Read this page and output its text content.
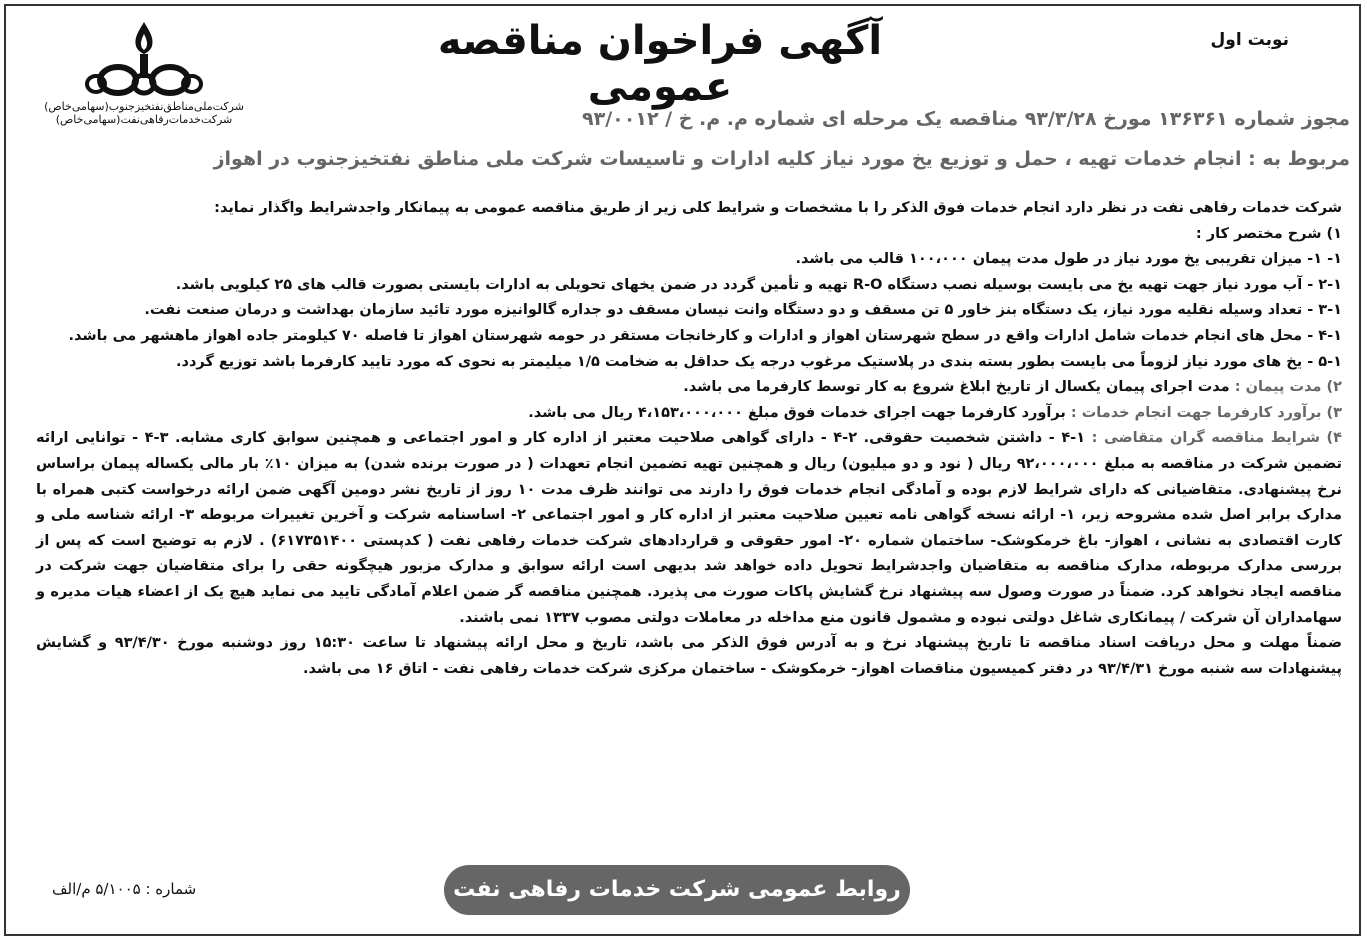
نوبت اول
آگهی فراخوان مناقصه عمومی
شرکت‌ملی‌مناطق‌نفتخیزجنوب(سهامی‌خاص)
شرکت‌خدمات‌رفاهی‌نفت(سهامی‌خاص)	مجوز شماره ۱۳۶۳۶۱ مورخ ۹۳/۳/۲۸ مناقصه یک مرحله ای شماره م. م. خ / ۹۳/۰۰۱۲
مربوط به : انجام خدمات تهیه ، حمل و توزیع یخ مورد نیاز کلیه ادارات و تاسیسات شرکت ملی مناطق نفتخیزجنوب در اهواز

شرکت خدمات رفاهی نفت در نظر دارد انجام خدمات فوق الذکر را با مشخصات و شرایط کلی زیر از طریق مناقصه عمومی به پیمانکار واجدشرایط واگذار نماید:

۱) شرح مختصر کار :

۱- ۱- میزان تقریبی یخ مورد نیاز در طول مدت پیمان ۱۰۰،۰۰۰ قالب می باشد.

۲-۱ - آب مورد نیاز جهت تهیه یخ می بایست بوسیله نصب دستگاه R-O تهیه و تأمین گردد در ضمن یخهای تحویلی به ادارات بایستی بصورت قالب های ۲۵ کیلویی باشد.

۳-۱ - تعداد وسیله نقلیه مورد نیاز، یک دستگاه بنز خاور ۵ تن مسقف و دو دستگاه وانت نیسان مسقف دو جداره گالوانیزه مورد تائید سازمان بهداشت و درمان صنعت نفت.

۴-۱ - محل های انجام خدمات شامل ادارات واقع در سطح شهرستان اهواز و ادارات و کارخانجات مستقر در حومه شهرستان اهواز تا فاصله ۷۰ کیلومتر جاده اهواز ماهشهر می باشد.

۵-۱ - یخ های مورد نیاز لزوماً می بایست بطور بسته بندی در پلاستیک مرغوب درجه یک حداقل به ضخامت ۱/۵ میلیمتر به نحوی که مورد تایید کارفرما باشد توزیع گردد.

۲) مدت پیمان : مدت اجرای پیمان یکسال از تاریخ ابلاغ شروع به کار توسط کارفرما می باشد.

۳) برآورد کارفرما جهت انجام خدمات : برآورد کارفرما جهت اجرای خدمات فوق مبلغ ۴،۱۵۳،۰۰۰،۰۰۰ ریال می باشد.

۴) شرایط مناقصه گران متقاضی : ۱-۴ - داشتن شخصیت حقوقی. ۲-۴ - دارای گواهی صلاحیت معتبر از اداره کار و امور اجتماعی و همچنین سوابق کاری مشابه. ۳-۴ - توانایی ارائه تضمین شرکت در مناقصه به مبلغ ۹۲،۰۰۰،۰۰۰ ریال ( نود و دو میلیون) ریال و همچنین تهیه تضمین انجام تعهدات ( در صورت برنده شدن) به میزان ۱۰٪ بار مالی یکساله پیمان براساس نرخ پیشنهادی. متقاضیانی که دارای شرایط لازم بوده و آمادگی انجام خدمات فوق را دارند می توانند ظرف مدت ۱۰ روز از تاریخ نشر دومین آگهی ضمن ارائه درخواست کتبی همراه با مدارک برابر اصل شده مشروحه زیر، ۱- ارائه نسخه گواهی نامه تعیین صلاحیت معتبر از اداره کار و امور اجتماعی ۲- اساسنامه شرکت و آخرین تغییرات مربوطه ۳- ارائه شناسه ملی و کارت اقتصادی به نشانی ، اهواز- باغ خرمکوشک- ساختمان شماره ۲۰- امور حقوقی و قراردادهای شرکت خدمات رفاهی نفت ( کدپستی ۶۱۷۳۵۱۴۰۰) . لازم به توضیح است که پس از بررسی مدارک مربوطه، مدارک مناقصه به متقاضیان واجدشرایط تحویل داده خواهد شد بدیهی است ارائه سوابق و مدارک مزبور هیچگونه حقی را برای متقاضیان جهت شرکت در مناقصه ایجاد نخواهد کرد. ضمناً در صورت وصول سه پیشنهاد نرخ گشایش پاکات صورت می پذیرد. همچنین مناقصه گر ضمن اعلام آمادگی تایید می نماید هیچ یک از اعضاء هیات مدیره و سهامداران آن شرکت / پیمانکاری شاغل دولتی نبوده و مشمول قانون منع مداخله در معاملات دولتی مصوب ۱۳۳۷ نمی باشند.

ضمناً مهلت و محل دریافت اسناد مناقصه تا تاریخ پیشنهاد نرخ و به آدرس فوق الذکر می باشد، تاریخ و محل ارائه پیشنهاد تا ساعت ۱۵:۳۰ روز دوشنبه مورخ ۹۳/۴/۳۰ و گشایش پیشنهادات سه شنبه مورخ ۹۳/۴/۳۱ در دفتر کمیسیون مناقصات اهواز- خرمکوشک - ساختمان مرکزی شرکت خدمات رفاهی نفت - اتاق ۱۶ می باشد.

شماره : ۵/۱۰۰۵ م/الف	روابط عمومی شرکت خدمات رفاهی نفت
